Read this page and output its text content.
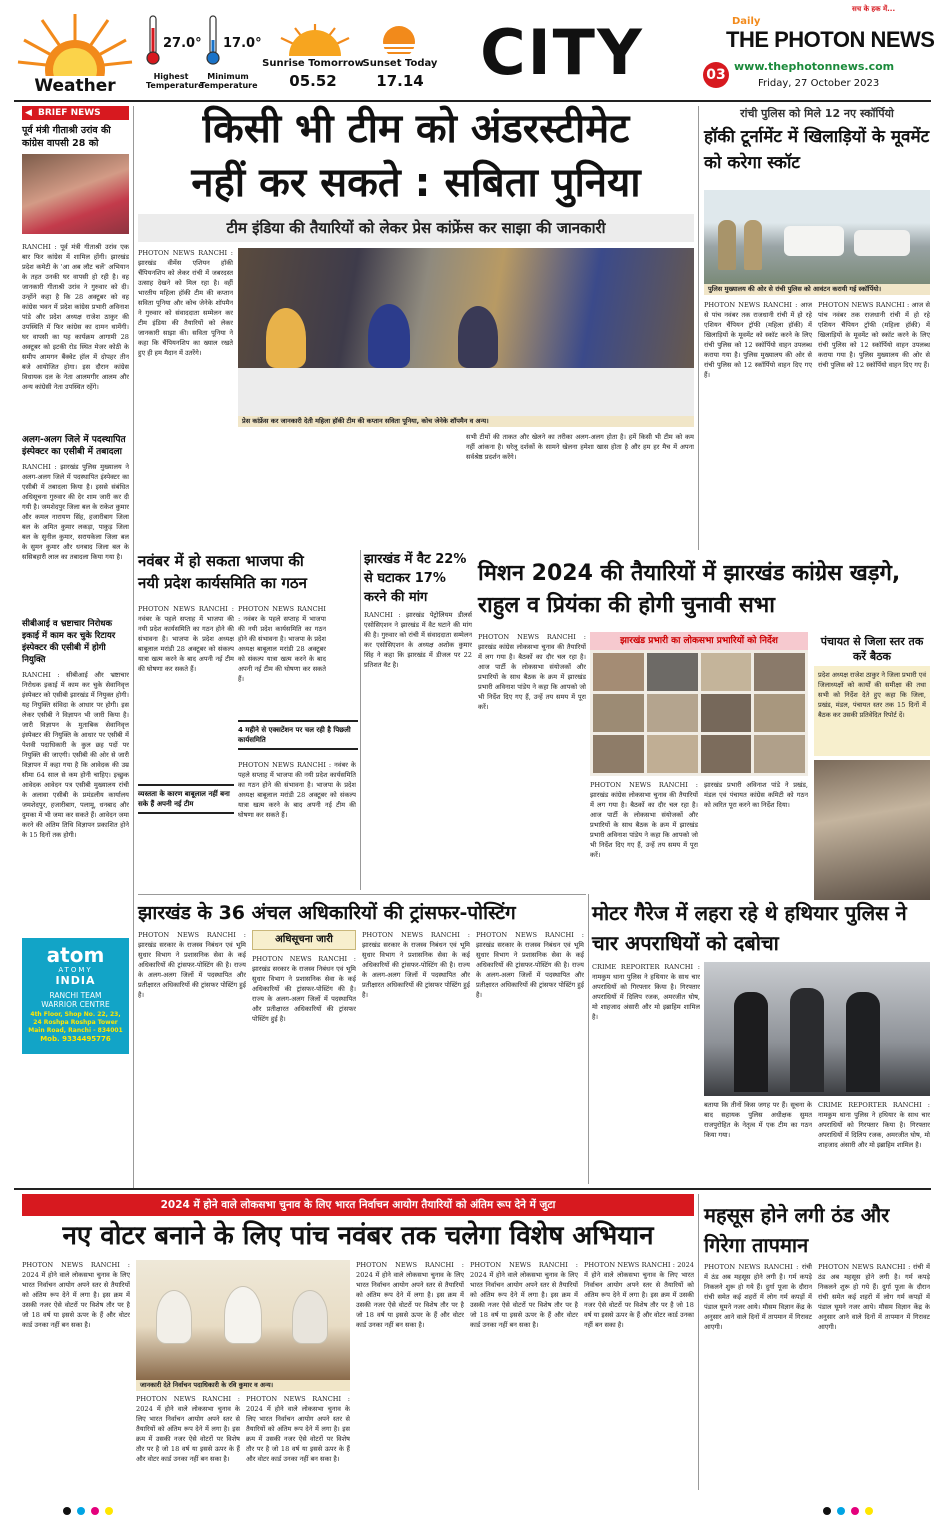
Weather
27.0°
Highest Temperature
17.0°
Minimum Temperature
Sunrise Tomorrow
05.52
Sunset Today
17.14 CITY
सच के हक में...
Daily
THE PHOTON NEWS
03
www.thephotonnews.com
Friday, 27 October 2023
◀ BRIEF NEWS
पूर्व मंत्री गीताश्री उरांव की कांग्रेस वापसी 28 को
RANCHI : पूर्व मंत्री गीताश्री उरांव एक बार फिर कांग्रेस में शामिल होंगी। झारखंड प्रदेश कमेटी के 'आ अब लौट चलें' अभियान के तहत उनकी घर वापसी हो रही है। वह जानकारी गीताश्री उरांव ने गुरुवार को दी। उन्होंने कहा है कि 28 अक्टूबर को वह कांग्रेस भवन में प्रदेश कांग्रेस प्रभारी अविनाश पांडे और प्रदेश अध्यक्ष राजेश ठाकुर की उपस्थिति में फिर कांग्रेस का दामन थामेंगी। घर वापसी का यह कार्यक्रम आगामी 28 अक्टूबर को इटकी रोड स्थित मेजर कोठी के समीप आमगन बैंक्वेट हॉल में दोपहर तीन बजे आयोजित होगा। इस दौरान कांग्रेस विधायक दल के नेता आलमगीर आलम और अन्य कांग्रेसी नेता उपस्थित रहेंगे।
अलग-अलग जिले में पदस्थापित इंस्पेक्टर का एसीबी में तबादला
RANCHI : झारखंड पुलिस मुख्यालय ने अलग-अलग जिले में पदस्थापित इंस्पेक्टर का एसीबी में तबादला किया है। इससे संबंधित अधिसूचना गुरुवार की देर शाम जारी कर दी गयी है। जमशेदपुर जिला बल के राकेश कुमार और कमल नारायण सिंह, हजारीबाग जिला बल के अमित कुमार लकड़ा, पाकुड़ जिला बल के सुनील कुमार, सरायकेला जिला बल के सुमन कुमार और धनबाद जिला बल के ससिबहारी लाल का तबादला किया गया है।
सीबीआई व भ्रष्टाचार निरोधक इकाई में काम कर चुके रिटायर इंस्पेक्टर की एसीबी में होगी नियुक्ति
RANCHI : सीबीआई और भ्रष्टाचार निरोधक इकाई में काम कर चुके सेवानिवृत्त इंस्पेक्टर को एसीबी झारखंड में नियुक्त होगी। यह नियुक्ति संविदा के आधार पर होगी। इस लेकर एसीबी ने विज्ञापन भी जारी किया है। जारी विज्ञापन के मुताबिक सेवानिवृत्त इंस्पेक्टर की नियुक्ति के आधार पर एसीबी में पेशवी पदाधिकारी के कुल छह पदों पर नियुक्ति की जाएगी। एसीबी की ओर से जारी विज्ञापन में कहा गया है कि आवेदक की उम्र सीमा 64 साल से कम होनी चाहिए। इच्छुक आवेदक आवेदन पत्र एसीबी मुख्यालय रांची के अलावा एसीबी के प्रमंडलीय कार्यालय जमशेदपुर, हजारीबाग, पलामू, धनबाद और दुमका में भी जमा कर सकते हैं। आवेदन जमा करने की अंतिम तिथि विज्ञापन प्रकाशित होने के 15 दिनों तक होगी।
atom
ATOMY
INDIA
RANCHI TEAM
WARRIOR CENTRE
4th Floor, Shop No. 22, 23, 24 Roshpa Roshpa Tower Main Road, Ranchi - 834001
Mob. 9334495776
किसी भी टीम को अंडरस्टीमेट
नहीं कर सकते : सबिता पुनिया
टीम इंडिया की तैयारियों को लेकर प्रेस कांफ्रेंस कर साझा की जानकारी
PHOTON NEWS RANCHI : झारखंड वीमेंस एशियन हॉकी चैंपियनशिप को लेकर रांची में जबरदस्त उत्साह देखने को मिल रहा है। वहीं भारतीय महिला हॉकी टीम की कप्तान सविता पूनिया और कोच जेनेके शॉपमैन ने गुरुवार को संवाददाता सम्मेलन कर टीम इंडिया की तैयारियों को लेकर जानकारी साझा की। सविता पूनिया ने कहा कि चैंपियनशिप का ख्याल रखते हुए ही हम मैदान में उतरेंगे।
प्रेस कांफ्रेंस कर जानकारी देती महिला हॉकी टीम की कप्तान सविता पूनिया, कोच जेनेके शॉपमैन व अन्य।
सभी टीमों की ताकत और खेलने का तरीका अलग-अलग होता है। हमें किसी भी टीम को कम नहीं आंकना है। घरेलू दर्शकों के सामने खेलना हमेशा खास होता है और हम हर मैच में अपना सर्वश्रेष्ठ प्रदर्शन करेंगे।
नवंबर में हो सकता भाजपा की नयी प्रदेश कार्यसमिति का गठन
PHOTON NEWS RANCHI : नवंबर के पहले सप्ताह में भाजपा की नयी प्रदेश कार्यसमिति का गठन होने की संभावना है। भाजपा के प्रदेश अध्यक्ष बाबूलाल मरांडी 28 अक्टूबर को संकल्प यात्रा खत्म करने के बाद अपनी नई टीम की घोषणा कर सकते हैं।
PHOTON NEWS RANCHI : नवंबर के पहले सप्ताह में भाजपा की नयी प्रदेश कार्यसमिति का गठन होने की संभावना है। भाजपा के प्रदेश अध्यक्ष बाबूलाल मरांडी 28 अक्टूबर को संकल्प यात्रा खत्म करने के बाद अपनी नई टीम की घोषणा कर सकते हैं।
4 महीने से एक्सटेंशन पर चल रही है पिछली कार्यसमिति
व्यस्तता के कारण बाबूलाल नहीं बना सके हैं अपनी नई टीम
PHOTON NEWS RANCHI : नवंबर के पहले सप्ताह में भाजपा की नयी प्रदेश कार्यसमिति का गठन होने की संभावना है। भाजपा के प्रदेश अध्यक्ष बाबूलाल मरांडी 28 अक्टूबर को संकल्प यात्रा खत्म करने के बाद अपनी नई टीम की घोषणा कर सकते हैं।
झारखंड में वैट 22% से घटाकर 17% करने की मांग
RANCHI : झारखंड पेट्रोलियम डीलर्स एसोसिएशन ने झारखंड में वैट घटाने की मांग की है। गुरुवार को रांची में संवाददाता सम्मेलन कर एसोसिएशन के अध्यक्ष अशोक कुमार सिंह ने कहा कि झारखंड में डीजल पर 22 प्रतिशत वैट है।
मिशन 2024 की तैयारियों में झारखंड कांग्रेस खड़गे, राहुल व प्रियंका की होगी चुनावी सभा
PHOTON NEWS RANCHI : झारखंड कांग्रेस लोकसभा चुनाव की तैयारियों में लग गया है। बैठकों का दौर चल रहा है। आज पार्टी के लोकसभा संयोजकों और प्रभारियों के साथ बैठक के क्रम में झारखंड प्रभारी अविनाश पांडेय ने कहा कि आपको जो भी निर्देश दिए गए हैं, उन्हें तय समय में पूरा करें।
झारखंड प्रभारी का लोकसभा प्रभारियों को निर्देश
PHOTON NEWS RANCHI : झारखंड कांग्रेस लोकसभा चुनाव की तैयारियों में लग गया है। बैठकों का दौर चल रहा है। आज पार्टी के लोकसभा संयोजकों और प्रभारियों के साथ बैठक के क्रम में झारखंड प्रभारी अविनाश पांडेय ने कहा कि आपको जो भी निर्देश दिए गए हैं, उन्हें तय समय में पूरा करें।
झारखंड प्रभारी अविनाश पांडे ने प्रखंड, मंडल एवं पंचायत कांग्रेस कमिटी को गठन को त्वरित पूरा करने का निर्देश दिया।
पंचायत से जिला स्तर तक करें बैठक
प्रदेश अध्यक्ष राजेश ठाकुर ने जिला प्रभारी एवं जिलाध्यक्षों को कार्यों की समीक्षा की तथा सभी को निर्देश देते हुए कहा कि जिला, प्रखंड, मंडल, पंचायत स्तर तक 15 दिनों में बैठक कर उसकी प्रतिवेदित रिपोर्ट दें।
रांची पुलिस को मिले 12 नए स्कॉर्पियो
हॉकी टूर्नामेंट में खिलाड़ियों के मूवमेंट को करेगा स्कॉट
पुलिस मुख्यालय की ओर से रांची पुलिस को आवंटन करायी गई स्कॉर्पियो।
PHOTON NEWS RANCHI : आज से पांच नवंबर तक राजधानी रांची में हो रहे एशियन चैंपियन ट्रॉफी (महिला हॉकी) में खिलाड़ियों के मूवमेंट को स्कॉट करने के लिए रांची पुलिस को 12 स्कॉर्पियो वाहन उपलब्ध कराया गया है। पुलिस मुख्यालय की ओर से रांची पुलिस को 12 स्कॉर्पियो वाहन दिए गए हैं।
PHOTON NEWS RANCHI : आज से पांच नवंबर तक राजधानी रांची में हो रहे एशियन चैंपियन ट्रॉफी (महिला हॉकी) में खिलाड़ियों के मूवमेंट को स्कॉट करने के लिए रांची पुलिस को 12 स्कॉर्पियो वाहन उपलब्ध कराया गया है। पुलिस मुख्यालय की ओर से रांची पुलिस को 12 स्कॉर्पियो वाहन दिए गए हैं।
झारखंड के 36 अंचल अधिकारियों की ट्रांसफर-पोस्टिंग
PHOTON NEWS RANCHI : झारखंड सरकार के राजस्व निबंधन एवं भूमि सुधार विभाग ने प्रशासनिक सेवा के कई अधिकारियों की ट्रांसफर-पोस्टिंग की है। राज्य के अलग-अलग जिलों में पदस्थापित और प्रतीक्षारत अधिकारियों की ट्रांसफर पोस्टिंग हुई है।
अधिसूचना जारी
PHOTON NEWS RANCHI : झारखंड सरकार के राजस्व निबंधन एवं भूमि सुधार विभाग ने प्रशासनिक सेवा के कई अधिकारियों की ट्रांसफर-पोस्टिंग की है। राज्य के अलग-अलग जिलों में पदस्थापित और प्रतीक्षारत अधिकारियों की ट्रांसफर पोस्टिंग हुई है।
PHOTON NEWS RANCHI : झारखंड सरकार के राजस्व निबंधन एवं भूमि सुधार विभाग ने प्रशासनिक सेवा के कई अधिकारियों की ट्रांसफर-पोस्टिंग की है। राज्य के अलग-अलग जिलों में पदस्थापित और प्रतीक्षारत अधिकारियों की ट्रांसफर पोस्टिंग हुई है।
PHOTON NEWS RANCHI : झारखंड सरकार के राजस्व निबंधन एवं भूमि सुधार विभाग ने प्रशासनिक सेवा के कई अधिकारियों की ट्रांसफर-पोस्टिंग की है। राज्य के अलग-अलग जिलों में पदस्थापित और प्रतीक्षारत अधिकारियों की ट्रांसफर पोस्टिंग हुई है।
मोटर गैरेज में लहरा रहे थे हथियार पुलिस ने चार अपराधियों को दबोचा
CRIME REPORTER RANCHI : नामकुम थाना पुलिस ने हथियार के साथ चार अपराधियों को गिरफ्तार किया है। गिरफ्तार अपराधियों में दिलिप रजक, अमरजीत घोष, मो शाहजाद अंसारी और मो इब्राहिम शामिल है।
बताया कि तीनों किस जगह पर हैं। सूचना के बाद सहायक पुलिस अधीक्षक सुमत राजपुरोहित के नेतृत्व में एक टीम का गठन किया गया।
CRIME REPORTER RANCHI : नामकुम थाना पुलिस ने हथियार के साथ चार अपराधियों को गिरफ्तार किया है। गिरफ्तार अपराधियों में दिलिप रजक, अमरजीत घोष, मो शाहजाद अंसारी और मो इब्राहिम शामिल है।
2024 में होने वाले लोकसभा चुनाव के लिए भारत निर्वाचन आयोग तैयारियों को अंतिम रूप देने में जुटा
नए वोटर बनाने के लिए पांच नवंबर तक चलेगा विशेष अभियान
PHOTON NEWS RANCHI : 2024 में होने वाले लोकसभा चुनाव के लिए भारत निर्वाचन आयोग अपने स्तर से तैयारियों को अंतिम रूप देने में लगा है। इस क्रम में उसकी नजर ऐसे वोटरों पर विशेष तौर पर है जो 18 वर्ष या इससे ऊपर के हैं और वोटर कार्ड उनका नहीं बन सका है।
जानकारी देते निर्वाचन पदाधिकारी के रवि कुमार व अन्य।
PHOTON NEWS RANCHI : 2024 में होने वाले लोकसभा चुनाव के लिए भारत निर्वाचन आयोग अपने स्तर से तैयारियों को अंतिम रूप देने में लगा है। इस क्रम में उसकी नजर ऐसे वोटरों पर विशेष तौर पर है जो 18 वर्ष या इससे ऊपर के हैं और वोटर कार्ड उनका नहीं बन सका है।
PHOTON NEWS RANCHI : 2024 में होने वाले लोकसभा चुनाव के लिए भारत निर्वाचन आयोग अपने स्तर से तैयारियों को अंतिम रूप देने में लगा है। इस क्रम में उसकी नजर ऐसे वोटरों पर विशेष तौर पर है जो 18 वर्ष या इससे ऊपर के हैं और वोटर कार्ड उनका नहीं बन सका है।
PHOTON NEWS RANCHI : 2024 में होने वाले लोकसभा चुनाव के लिए भारत निर्वाचन आयोग अपने स्तर से तैयारियों को अंतिम रूप देने में लगा है। इस क्रम में उसकी नजर ऐसे वोटरों पर विशेष तौर पर है जो 18 वर्ष या इससे ऊपर के हैं और वोटर कार्ड उनका नहीं बन सका है।
PHOTON NEWS RANCHI : 2024 में होने वाले लोकसभा चुनाव के लिए भारत निर्वाचन आयोग अपने स्तर से तैयारियों को अंतिम रूप देने में लगा है। इस क्रम में उसकी नजर ऐसे वोटरों पर विशेष तौर पर है जो 18 वर्ष या इससे ऊपर के हैं और वोटर कार्ड उनका नहीं बन सका है।
PHOTON NEWS RANCHI : 2024 में होने वाले लोकसभा चुनाव के लिए भारत निर्वाचन आयोग अपने स्तर से तैयारियों को अंतिम रूप देने में लगा है। इस क्रम में उसकी नजर ऐसे वोटरों पर विशेष तौर पर है जो 18 वर्ष या इससे ऊपर के हैं और वोटर कार्ड उनका नहीं बन सका है।
महसूस होने लगी ठंड और गिरेगा तापमान
PHOTON NEWS RANCHI : रांची में ठंड अब महसूस होने लगी है। गर्म कपड़े निकलने शुरू हो गये हैं। दुर्गा पूजा के दौरान रांची समेत कई शहरों में लोग गर्म कपड़ों में पंडाल घूमने नजर आये। मौसम विज्ञान केंद्र के अनुसार आने वाले दिनों में तापमान में गिरावट आएगी।
PHOTON NEWS RANCHI : रांची में ठंड अब महसूस होने लगी है। गर्म कपड़े निकलने शुरू हो गये हैं। दुर्गा पूजा के दौरान रांची समेत कई शहरों में लोग गर्म कपड़ों में पंडाल घूमने नजर आये। मौसम विज्ञान केंद्र के अनुसार आने वाले दिनों में तापमान में गिरावट आएगी।
